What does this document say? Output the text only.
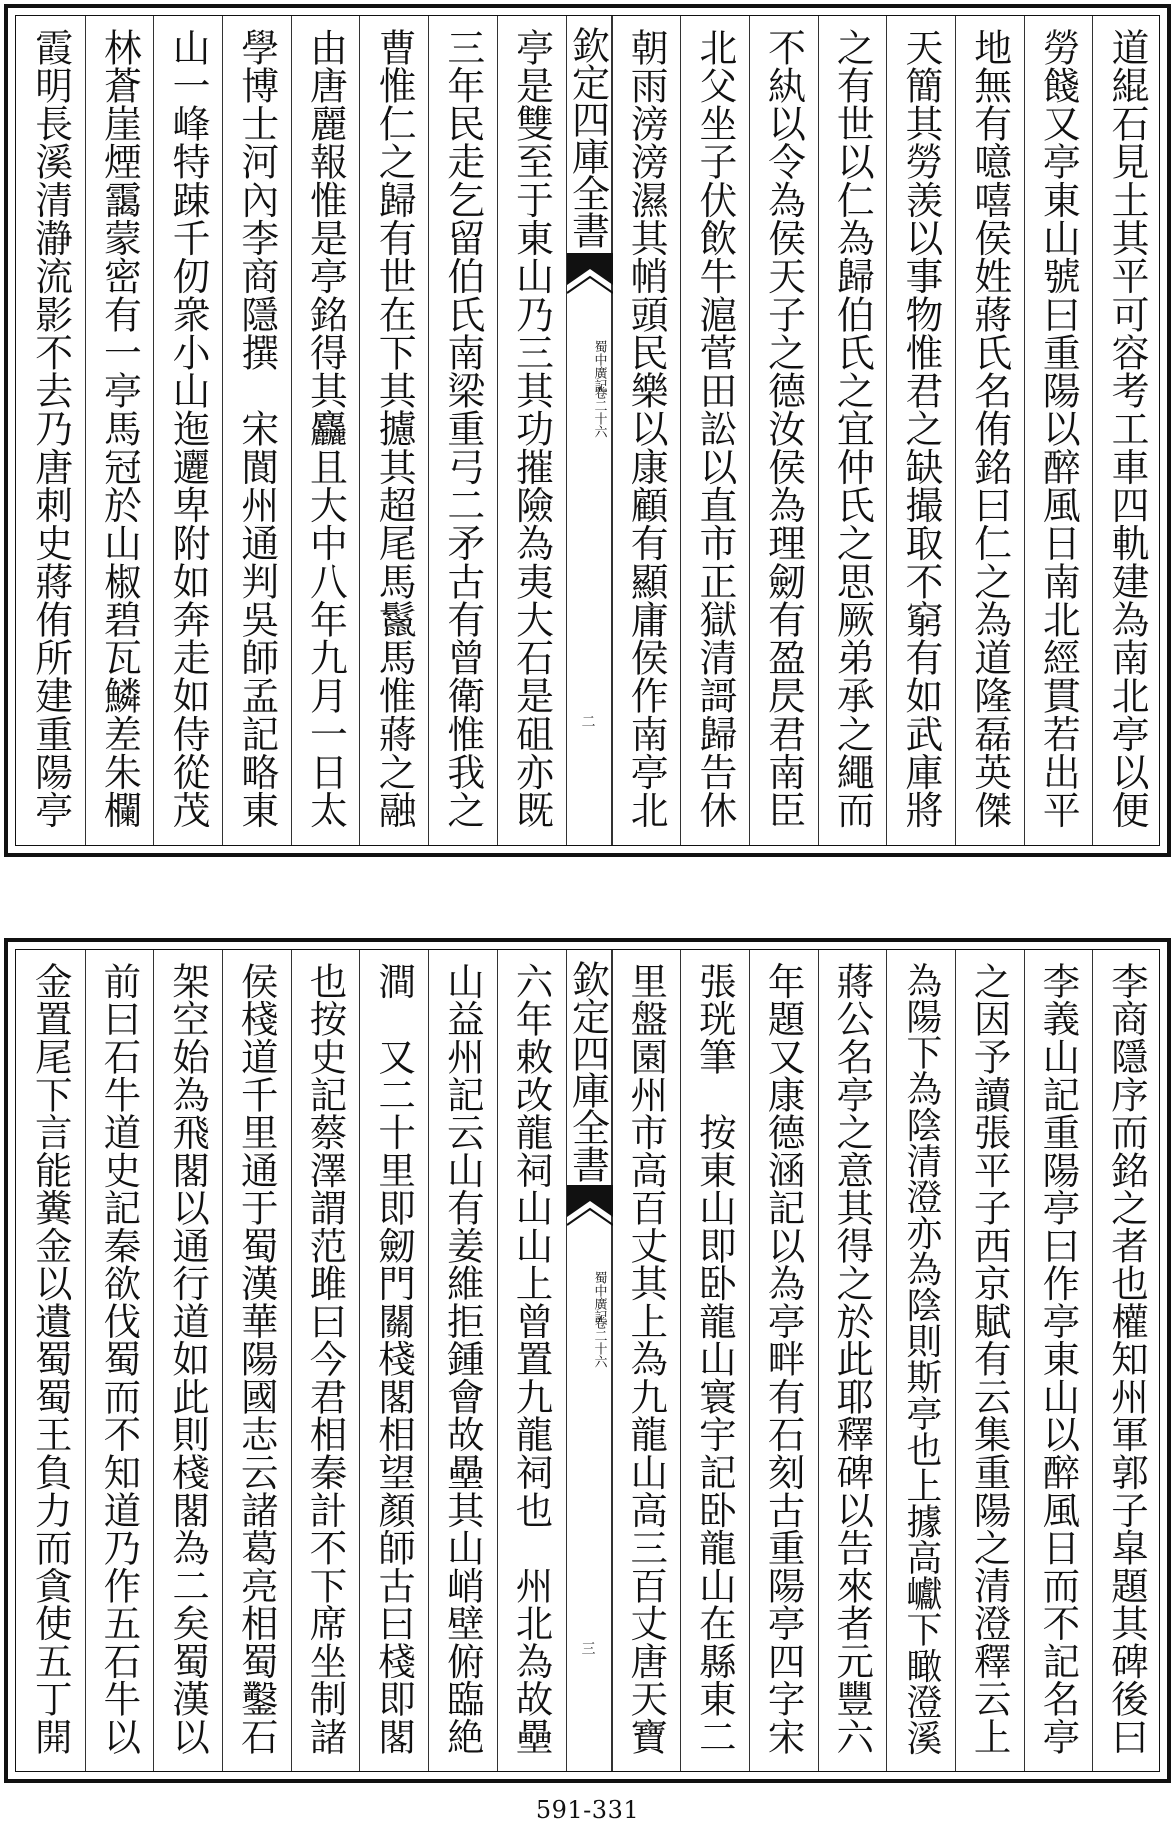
道緄石見土其平可容考工車四軌建為南北亭以便
勞餞又亭東山號曰重陽以醉風日南北經貫若出平
地無有噫嘻侯姓蔣氏名侑銘曰仁之為道隆磊英傑
天簡其勞羡以事物惟君之缺撮取不窮有如武庫將
之有世以仁為歸伯氏之宜仲氏之思厥弟承之繩而
不紈以令為侯天子之德汝侯為理劒有盈昃君南臣
北父坐子伏飲牛滬菅田訟以直市正獄清謌歸告休
朝雨滂滂濕其帩頭民樂以康顧有顯庸侯作南亭北
欽定四庫全書
蜀中廣記
卷二十六
二
亭是雙至于東山乃三其功摧險為夷大石是砠亦既
三年民走乞留伯氏南梁重弓二矛古有曾衛惟我之
曹惟仁之歸有世在下其攄其超尾馬鬣馬惟蔣之融
由唐麗報惟是亭銘得其麤且大中八年九月一日太
學博士河內李商隱撰　宋閬州通判吳師孟記略東
山一峰特踈千仞衆小山迤邐卑附如奔走如侍從茂
林蒼崖煙靄蒙密有一亭馬冠於山椒碧瓦鱗差朱欄
霞明長溪清瀞流影不去乃唐刺史蔣侑所建重陽亭
李商隱序而銘之者也權知州軍郭子皐題其碑後曰
李義山記重陽亭曰作亭東山以醉風日而不記名亭
之因予讀張平子西京賦有云集重陽之清澄釋云上
為陽下為陰清澄亦為陰則斯亭也上據高巘下瞰澄溪
蔣公名亭之意其得之於此耶釋碑以告來者元豐六
年題又康德涵記以為亭畔有石刻古重陽亭四字宋
張珖筆　按東山即卧龍山寰宇記卧龍山在縣東二
里盤園州市高百丈其上為九龍山高三百丈唐天寶
欽定四庫全書
蜀中廣記
卷二十六
三
六年敕改龍祠山山上曾置九龍祠也　州北為故壘
山益州記云山有姜維拒鍾會故壘其山峭壁俯臨絶
澗　又二十里即劒門關棧閣相望顏師古曰棧即閣
也按史記蔡澤謂范雎曰今君相秦計不下席坐制諸
侯棧道千里通于蜀漢華陽國志云諸葛亮相蜀鑿石
架空始為飛閣以通行道如此則棧閣為二矣蜀漢以
前曰石牛道史記秦欲伐蜀而不知道乃作五石牛以
金置尾下言能糞金以遺蜀蜀王負力而貪使五丁開
591-331
